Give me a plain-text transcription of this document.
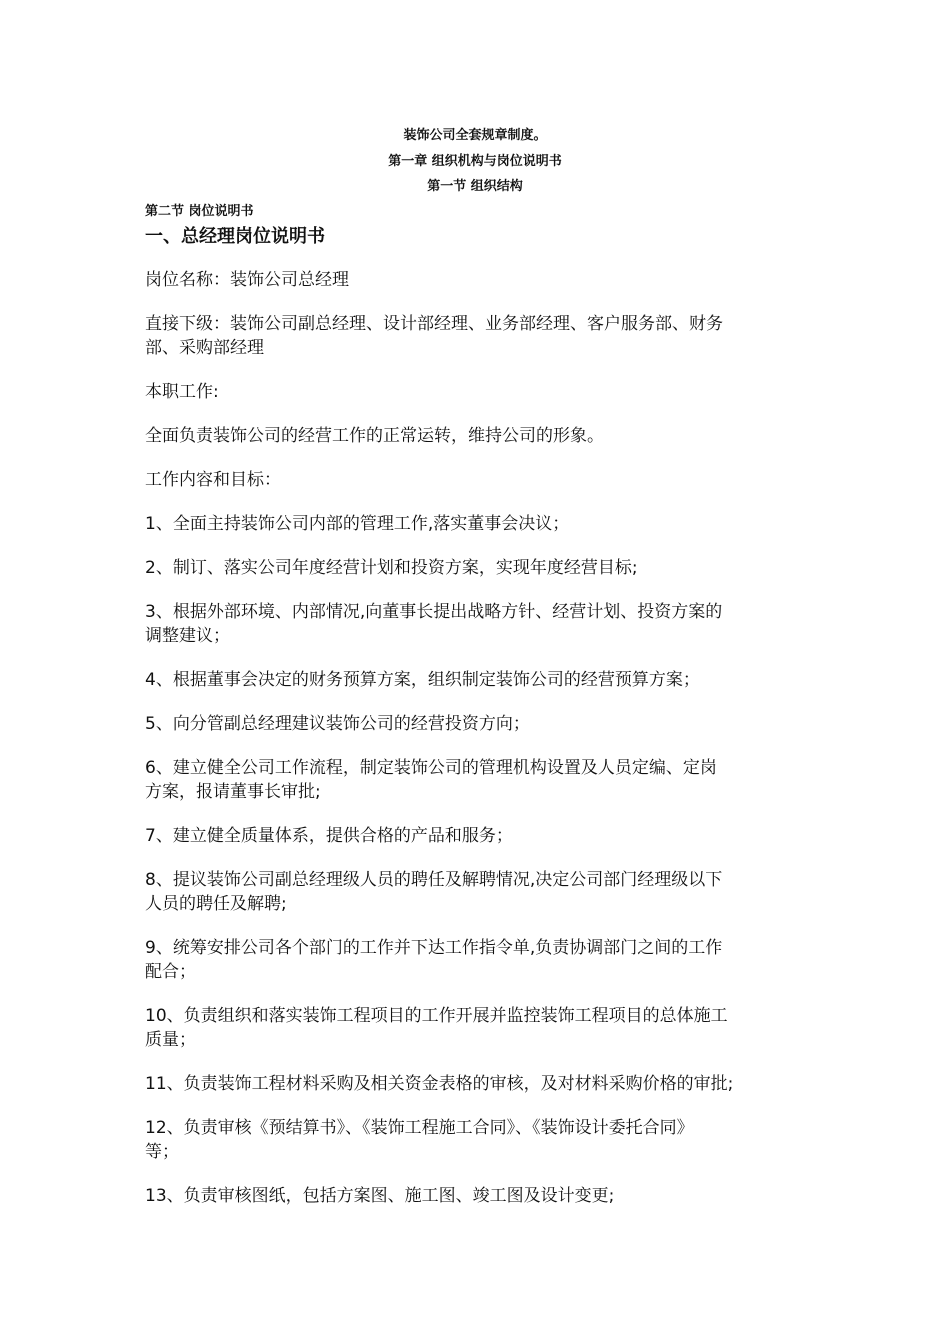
装饰公司全套规章制度。
第一章 组织机构与岗位说明书
第一节 组织结构
第二节 岗位说明书
一、总经理岗位说明书

岗位名称：装饰公司总经理

直接下级：装饰公司副总经理、设计部经理、业务部经理、客户服务部、财务
部、采购部经理

本职工作:

全面负责装饰公司的经营工作的正常运转，维持公司的形象。

工作内容和目标：

1、全面主持装饰公司内部的管理工作,落实董事会决议；

2、制订、落实公司年度经营计划和投资方案，实现年度经营目标;

3、根据外部环境、内部情况,向董事长提出战略方针、经营计划、投资方案的
调整建议；

4、根据董事会决定的财务预算方案，组织制定装饰公司的经营预算方案；

5、向分管副总经理建议装饰公司的经营投资方向；

6、建立健全公司工作流程，制定装饰公司的管理机构设置及人员定编、定岗
方案，报请董事长审批;

7、建立健全质量体系，提供合格的产品和服务；

8、提议装饰公司副总经理级人员的聘任及解聘情况,决定公司部门经理级以下
人员的聘任及解聘;

9、统筹安排公司各个部门的工作并下达工作指令单,负责协调部门之间的工作
配合；

10、负责组织和落实装饰工程项目的工作开展并监控装饰工程项目的总体施工
质量；

11、负责装饰工程材料采购及相关资金表格的审核，及对材料采购价格的审批;

12、负责审核《预结算书》、《装饰工程施工合同》、《装饰设计委托合同》
等；

13、负责审核图纸，包括方案图、施工图、竣工图及设计变更;
